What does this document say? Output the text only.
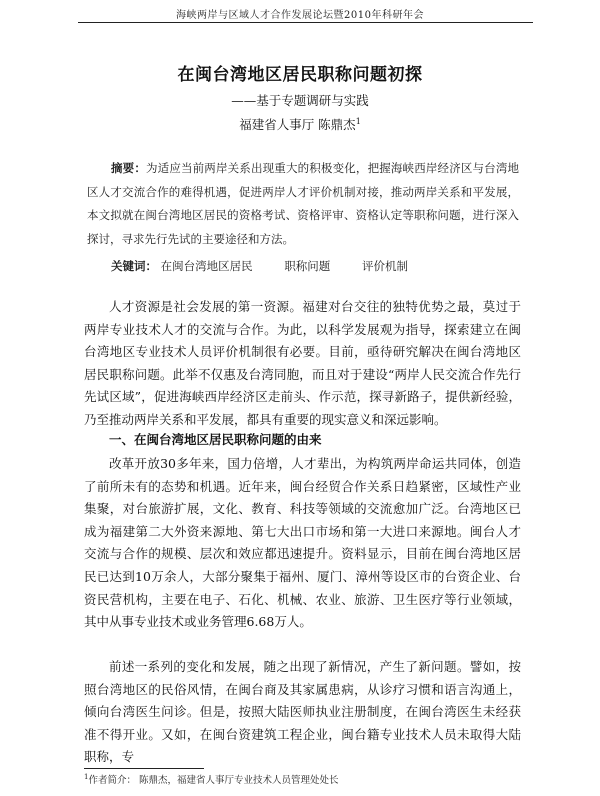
海峡两岸与区域人才合作发展论坛暨2010年科研年会
在闽台湾地区居民职称问题初探
——基于专题调研与实践
福建省人事厅 陈鼎杰$^1$
摘要：为适应当前两岸关系出现重大的积极变化，把握海峡西岸经济区与台湾地区人才交流合作的难得机遇，促进两岸人才评价机制对接，推动两岸关系和平发展，本文拟就在闽台湾地区居民的资格考试、资格评审、资格认定等职称问题，进行深入探讨，寻求先行先试的主要途径和方法。
关键词： 在闽台湾地区居民	职称问题	评价机制
人才资源是社会发展的第一资源。福建对台交往的独特优势之最，莫过于两岸专业技术人才的交流与合作。为此，以科学发展观为指导，探索建立在闽台湾地区专业技术人员评价机制很有必要。目前，亟待研究解决在闽台湾地区居民职称问题。此举不仅惠及台湾同胞，而且对于建设“两岸人民交流合作先行先试区域”，促进海峡西岸经济区走前头、作示范，探寻新路子，提供新经验，乃至推动两岸关系和平发展，都具有重要的现实意义和深远影响。
一、在闽台湾地区居民职称问题的由来
改革开放30多年来，国力倍增，人才辈出，为构筑两岸命运共同体，创造了前所未有的态势和机遇。近年来，闽台经贸合作关系日趋紧密，区域性产业集聚，对台旅游扩展，文化、教育、科技等领域的交流愈加广泛。台湾地区已成为福建第二大外资来源地、第七大出口市场和第一大进口来源地。闽台人才交流与合作的规模、层次和效应都迅速提升。资料显示，目前在闽台湾地区居民已达到10万余人，大部分聚集于福州、厦门、漳州等设区市的台资企业、台资民营机构，主要在电子、石化、机械、农业、旅游、卫生医疗等行业领域，其中从事专业技术或业务管理6.68万人。
前述一系列的变化和发展，随之出现了新情况，产生了新问题。譬如，按照台湾地区的民俗风情，在闽台商及其家属患病，从诊疗习惯和语言沟通上，倾向台湾医生问诊。但是，按照大陆医师执业注册制度，在闽台湾医生未经获准不得开业。又如，在闽台资建筑工程企业，闽台籍专业技术人员未取得大陆职称，专
$^1$作者简介： 陈鼎杰，福建省人事厅专业技术人员管理处处长
